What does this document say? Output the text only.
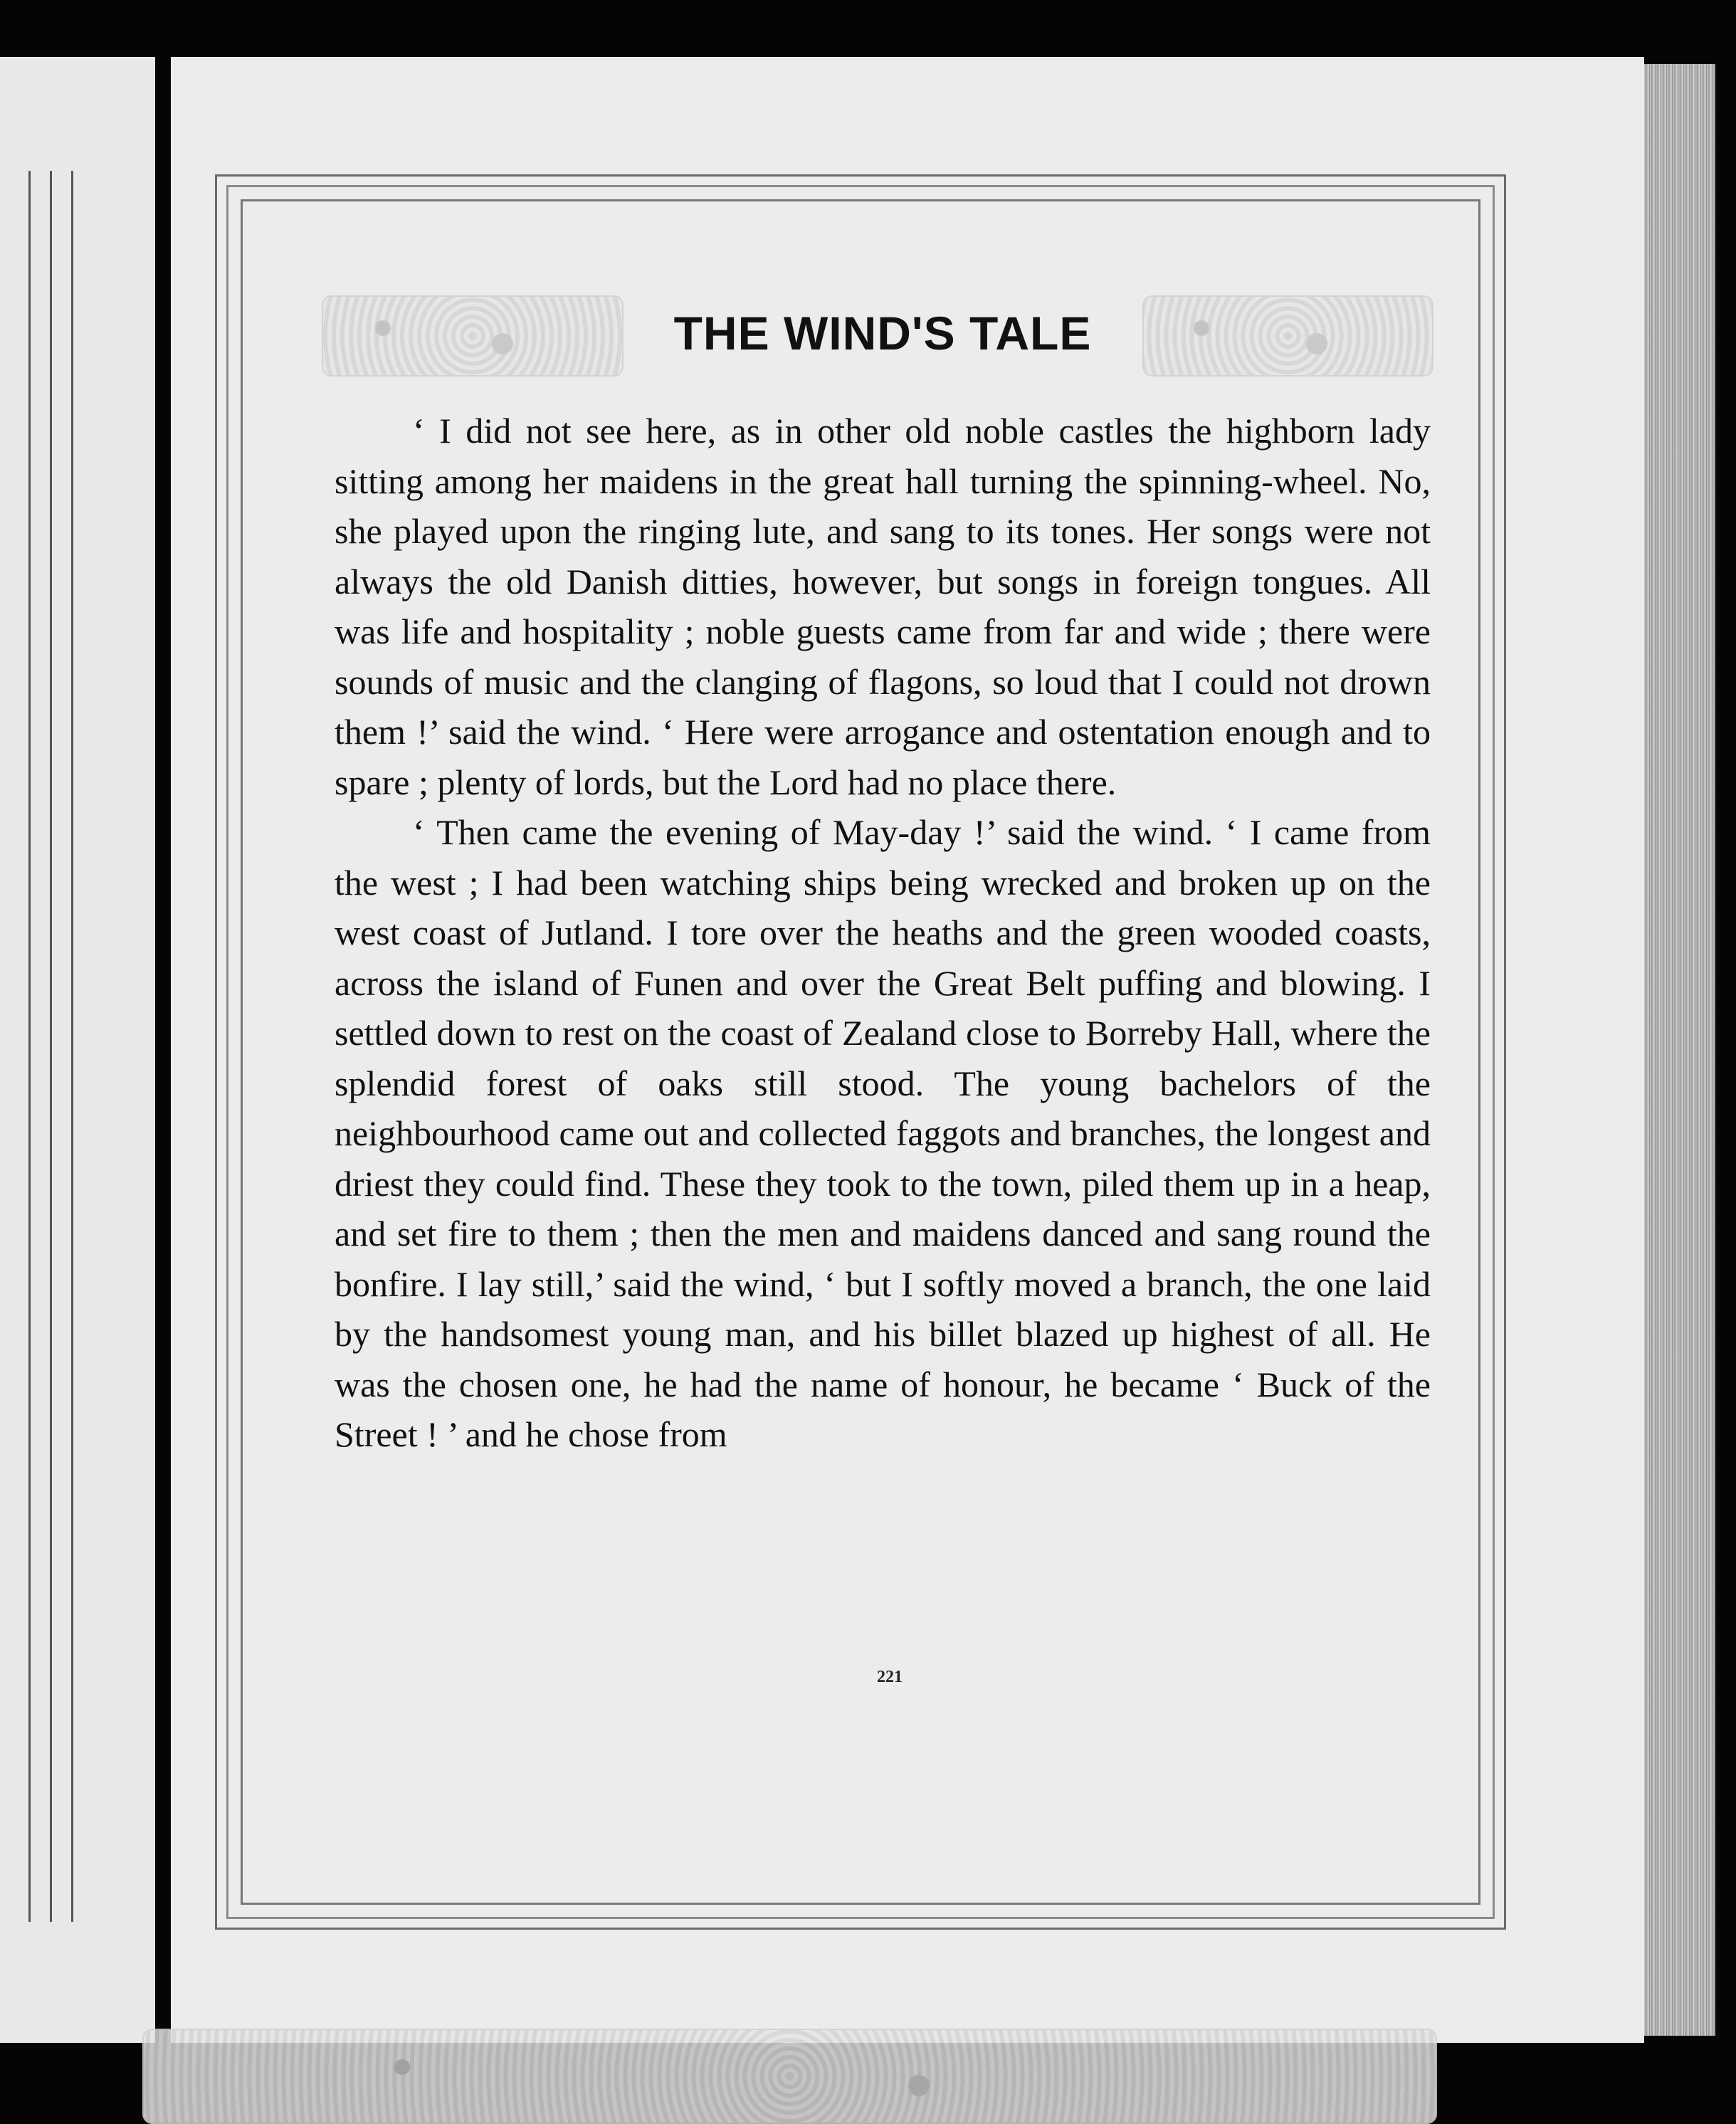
THE WIND'S TALE

‘ I did not see here, as in other old noble castles the highborn lady sitting among her maidens in the great hall turning the spinning-wheel. No, she played upon the ringing lute, and sang to its tones. Her songs were not always the old Danish ditties, however, but songs in foreign tongues. All was life and hospitality ; noble guests came from far and wide ; there were sounds of music and the clanging of flagons, so loud that I could not drown them !’ said the wind. ‘ Here were arrogance and ostentation enough and to spare ; plenty of lords, but the Lord had no place there.

‘ Then came the evening of May-day !’ said the wind. ‘ I came from the west ; I had been watching ships being wrecked and broken up on the west coast of Jutland. I tore over the heaths and the green wooded coasts, across the island of Funen and over the Great Belt puffing and blowing. I settled down to rest on the coast of Zealand close to Borreby Hall, where the splendid forest of oaks still stood. The young bachelors of the neighbourhood came out and collected faggots and branches, the longest and driest they could find. These they took to the town, piled them up in a heap, and set fire to them ; then the men and maidens danced and sang round the bonfire. I lay still,’ said the wind, ‘ but I softly moved a branch, the one laid by the handsomest young man, and his billet blazed up highest of all. He was the chosen one, he had the name of honour, he became ‘ Buck of the Street ! ’ and he chose from

221
